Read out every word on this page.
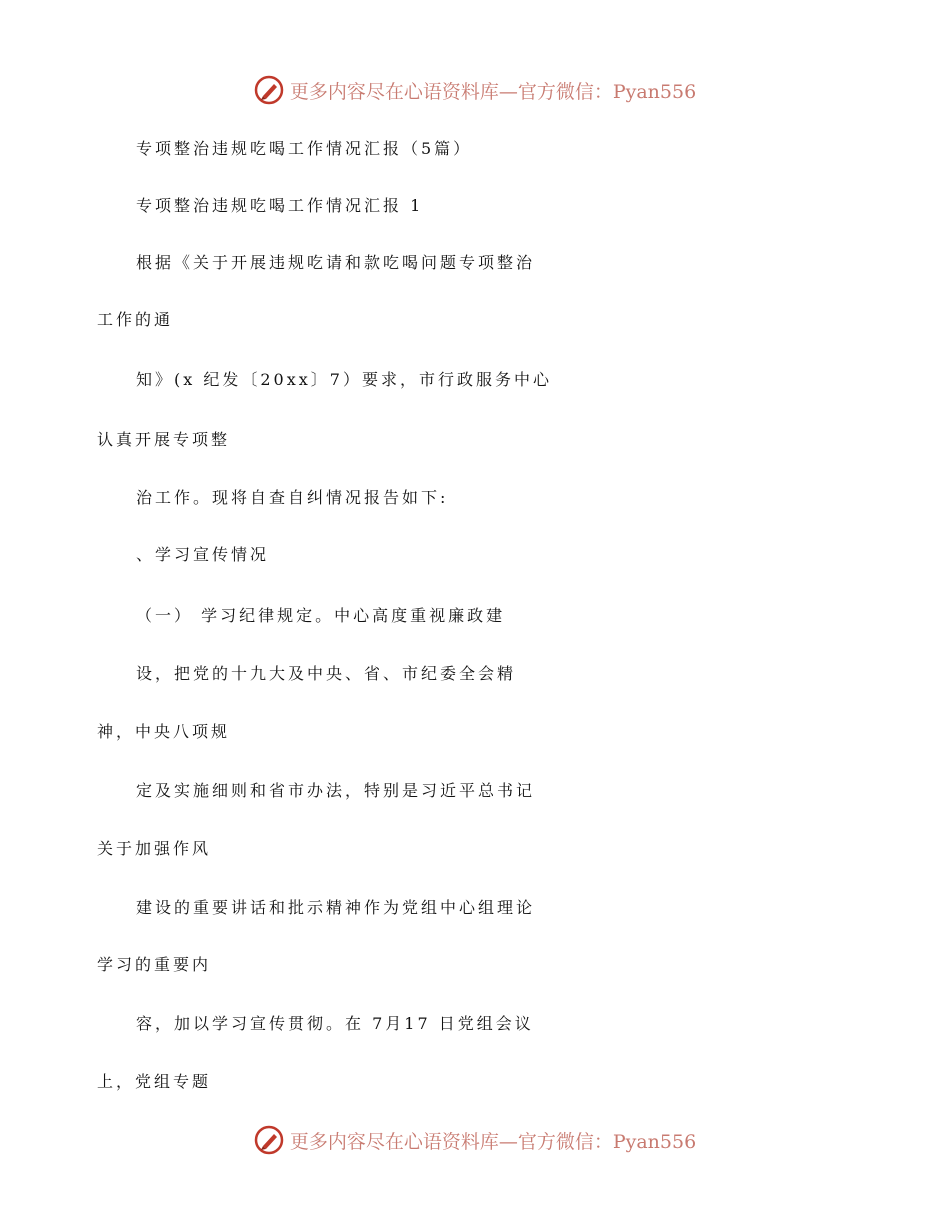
更多内容尽在心语资料库—官方微信：Pyan556
专项整治违规吃喝工作情况汇报（5篇）
专项整治违规吃喝工作情况汇报 1
根据《关于开展违规吃请和款吃喝问题专项整治
工作的通
知》(x 纪发〔20xx〕7）要求，市行政服务中心
认真开展专项整
治工作。现将自查自纠情况报告如下:
、学习宣传情况
（一） 学习纪律规定。中心高度重视廉政建
设，把党的十九大及中央、省、市纪委全会精
神，中央八项规
定及实施细则和省市办法，特别是习近平总书记
关于加强作风
建设的重要讲话和批示精神作为党组中心组理论
学习的重要内
容，加以学习宣传贯彻。在 7月17 日党组会议
上，党组专题
更多内容尽在心语资料库—官方微信：Pyan556
